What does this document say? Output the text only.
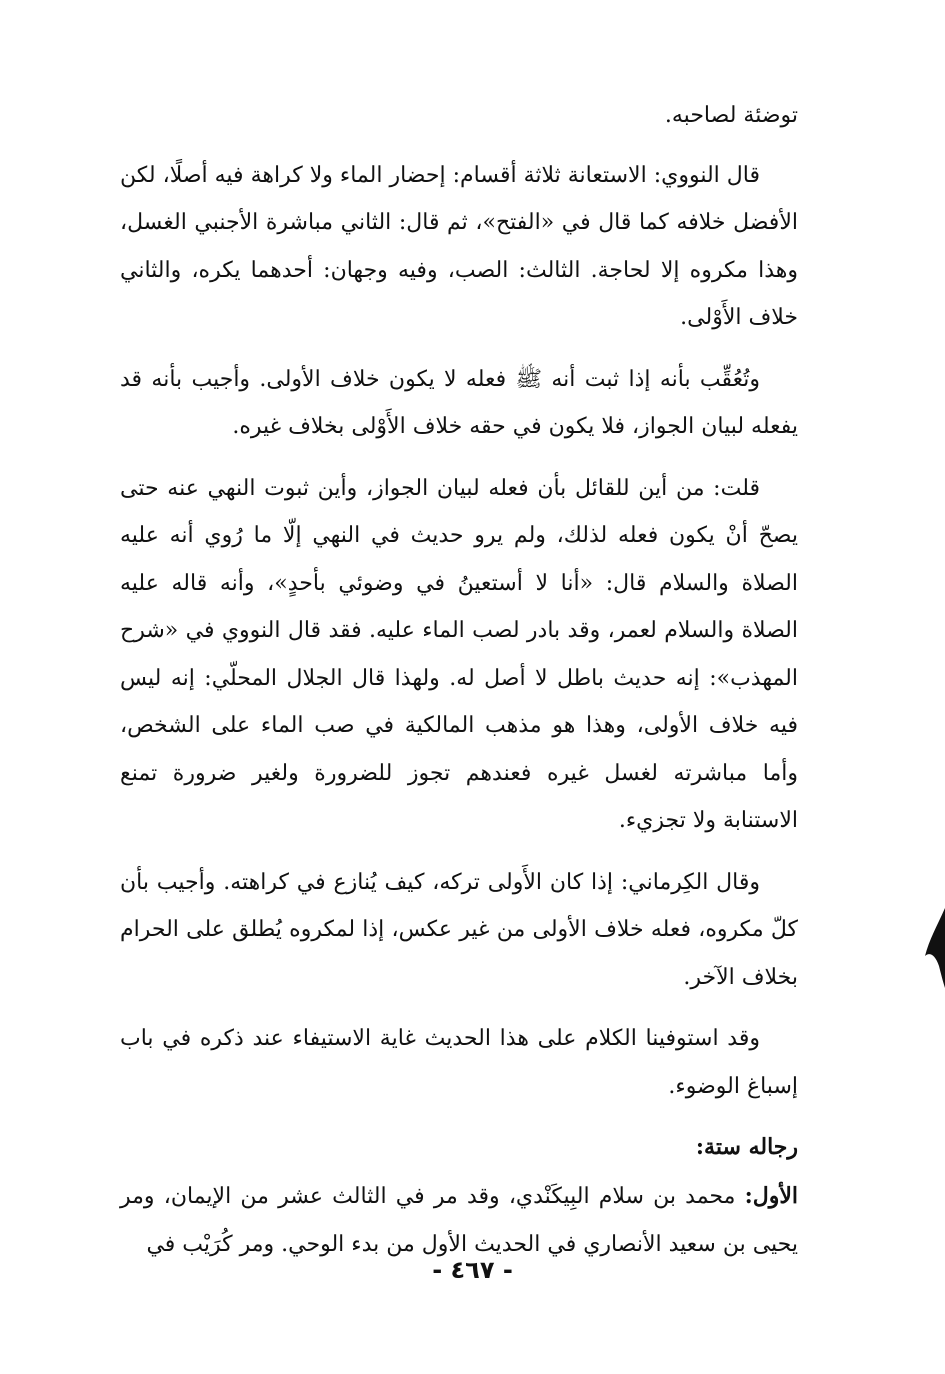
توضئة لصاحبه.

قال النووي: الاستعانة ثلاثة أقسام: إحضار الماء ولا كراهة فيه أصلًا، لكن الأفضل خلافه كما قال في «الفتح»، ثم قال: الثاني مباشرة الأجنبي الغسل، وهذا مكروه إلا لحاجة. الثالث: الصب، وفيه وجهان: أحدهما يكره، والثاني خلاف الأَوْلى.

وتُعُقِّب بأنه إذا ثبت أنه ﷺ فعله لا يكون خلاف الأولى. وأجيب بأنه قد يفعله لبيان الجواز، فلا يكون في حقه خلاف الأَوْلى بخلاف غيره.

قلت: من أين للقائل بأن فعله لبيان الجواز، وأين ثبوت النهي عنه حتى يصحّ أنْ يكون فعله لذلك، ولم يرو حديث في النهي إلّا ما رُوي أنه عليه الصلاة والسلام قال: «أنا لا أستعينُ في وضوئي بأحدٍ»، وأنه قاله عليه الصلاة والسلام لعمر، وقد بادر لصب الماء عليه. فقد قال النووي في «شرح المهذب»: إنه حديث باطل لا أصل له. ولهذا قال الجلال المحلّي: إنه ليس فيه خلاف الأولى، وهذا هو مذهب المالكية في صب الماء على الشخص، وأما مباشرته لغسل غيره فعندهم تجوز للضرورة ولغير ضرورة تمنع الاستنابة ولا تجزيء.

وقال الكِرماني: إذا كان الأَولى تركه، كيف يُنازع في كراهته. وأجيب بأن كلّ مكروه، فعله خلاف الأولى من غير عكس، إذا لمكروه يُطلق على الحرام بخلاف الآخر.

وقد استوفينا الكلام على هذا الحديث غاية الاستيفاء عند ذكره في باب إسباغ الوضوء.

رجاله ستة:

الأول: محمد بن سلام البِيكَنْدي، وقد مر في الثالث عشر من الإيمان، ومر يحيى بن سعيد الأنصاري في الحديث الأول من بدء الوحي. ومر كُرَيْب في

- ٤٦٧ -
